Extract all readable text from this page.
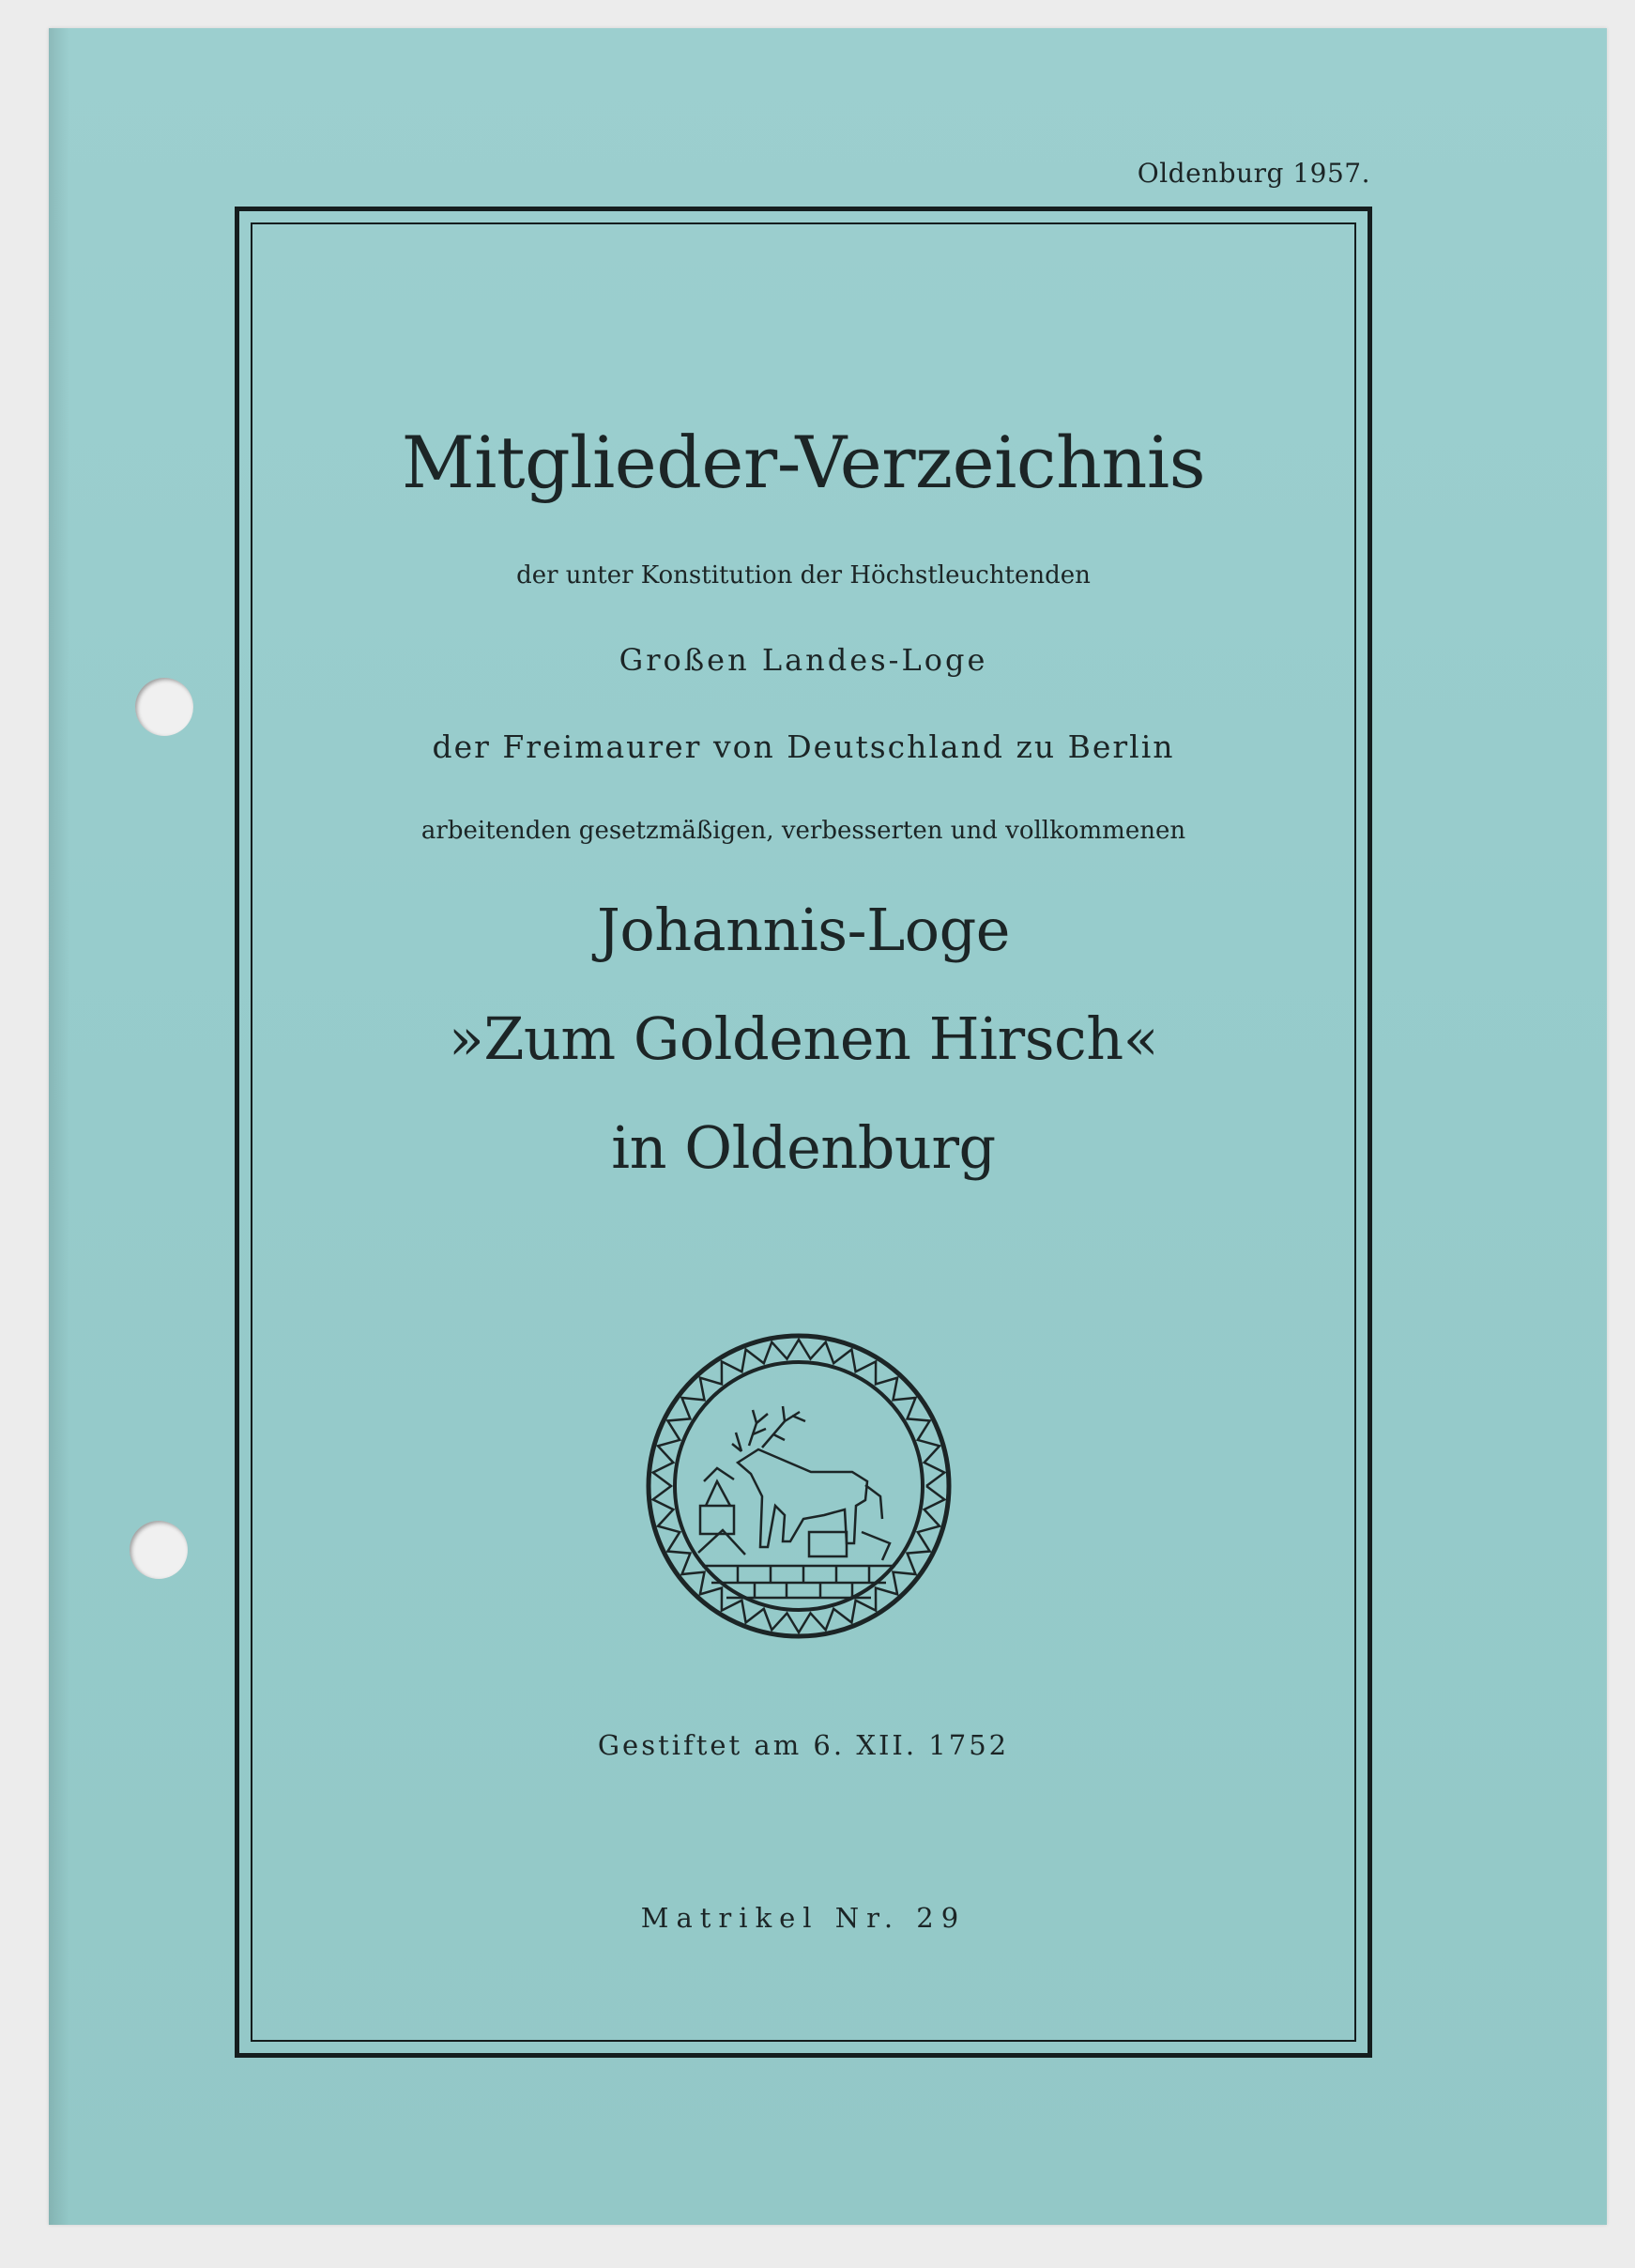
Oldenburg 1957.
Mitglieder-Verzeichnis
der unter Konstitution der Höchstleuchtenden
Großen Landes-Loge
der Freimaurer von Deutschland zu Berlin
arbeitenden gesetzmäßigen, verbesserten und vollkommenen
Johannis-Loge
»Zum Goldenen Hirsch«
in Oldenburg
Gestiftet am 6. XII. 1752
Matrikel Nr. 29
